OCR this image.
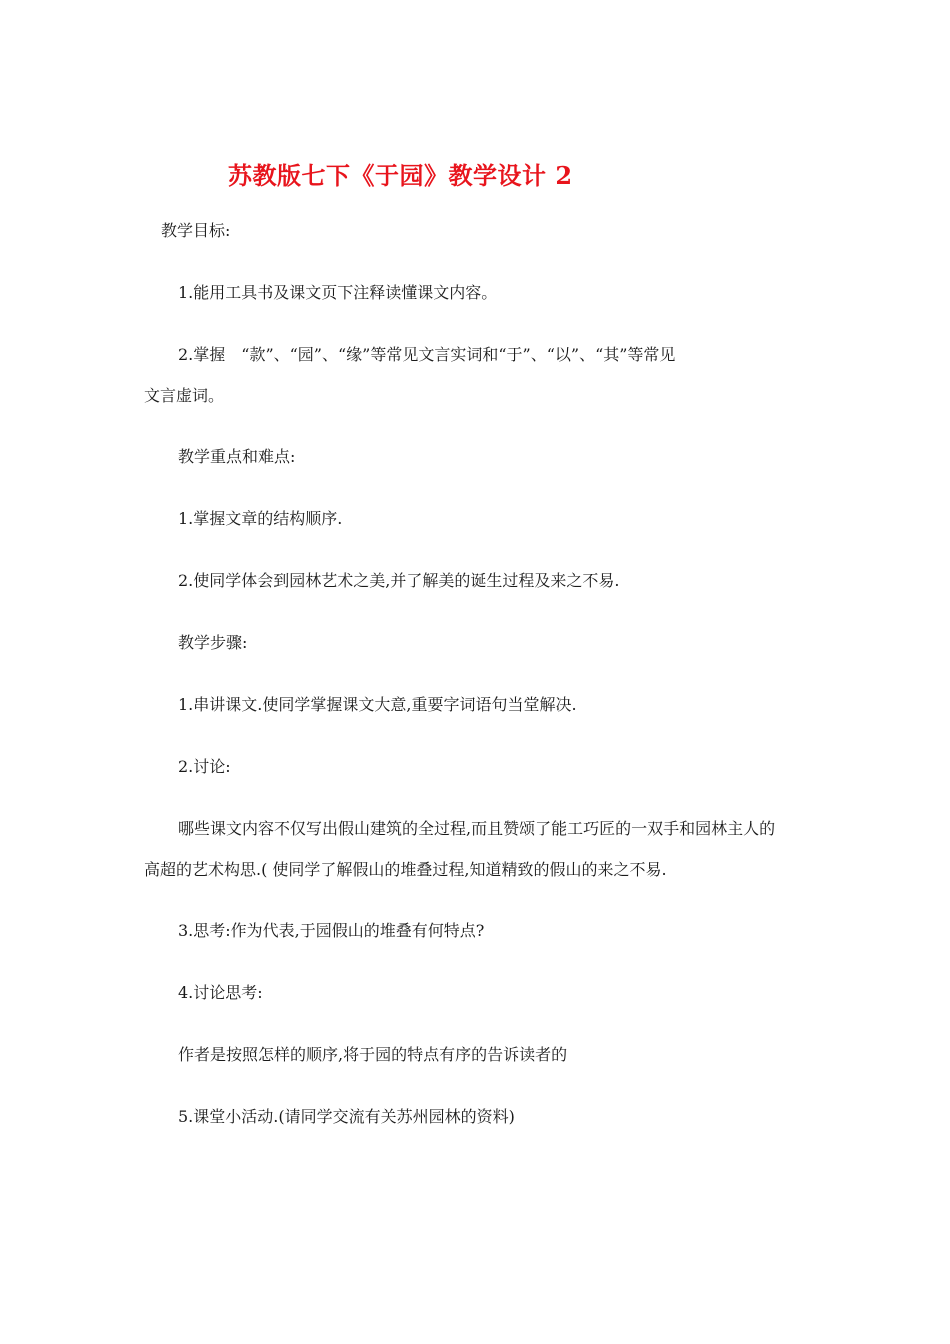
苏教版七下《于园》教学设计 2
教学目标:
1.能用工具书及课文页下注释读懂课文内容。
2.掌握　“款”、“园”、“缘”等常见文言实词和“于”、“以”、“其”等常见
文言虚词。
教学重点和难点:
1.掌握文章的结构顺序.
2.使同学体会到园林艺术之美,并了解美的诞生过程及来之不易.
教学步骤:
1.串讲课文.使同学掌握课文大意,重要字词语句当堂解决.
2.讨论:
哪些课文内容不仅写出假山建筑的全过程,而且赞颂了能工巧匠的一双手和园林主人的
高超的艺术构思.( 使同学了解假山的堆叠过程,知道精致的假山的来之不易.
3.思考:作为代表,于园假山的堆叠有何特点?
4.讨论思考:
作者是按照怎样的顺序,将于园的特点有序的告诉读者的
5.课堂小活动.(请同学交流有关苏州园林的资料)
